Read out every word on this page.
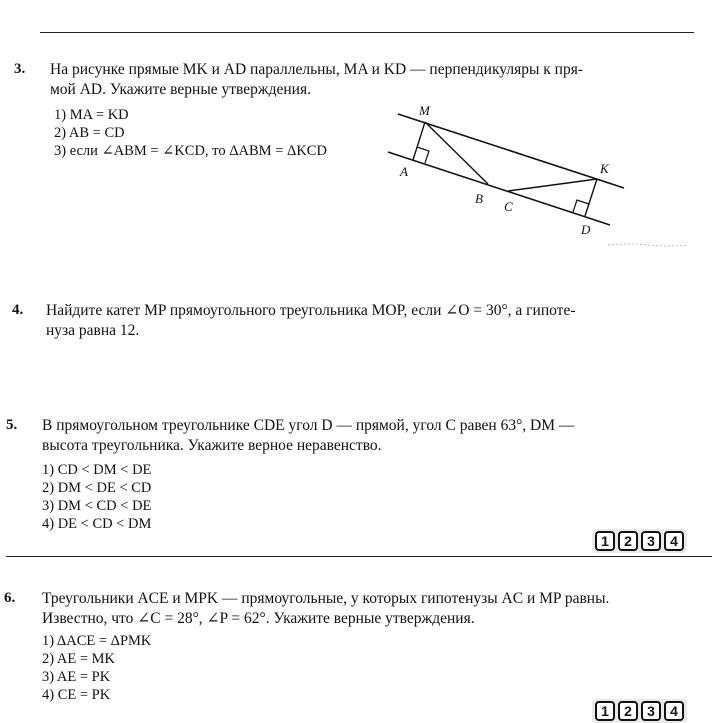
3. На рисунке прямые MK и AD параллельны, MA и KD — перпендикуляры к пря-
мой AD. Укажите верные утверждения.
1) MA = KD
2) AB = CD
3) если ∠ABM = ∠KCD, то ΔABM = ΔKCD
M
K
A
B
C
D
4. Найдите катет MP прямоугольного треугольника MOP, если ∠O = 30°, а гипоте-
нуза равна 12.
5. В прямоугольном треугольнике CDE угол D — прямой, угол C равен 63°, DM —
высота треугольника. Укажите верное неравенство.
1) CD < DM < DE
2) DM < DE < CD
3) DM < CD < DE
4) DE < CD < DM
1	2	3	4
6. Треугольники ACE и MPK — прямоугольные, у которых гипотенузы AC и MP равны.
Известно, что ∠C = 28°, ∠P = 62°. Укажите верные утверждения.
1) ΔACE = ΔPMK
2) AE = MK
3) AE = PK
4) CE = PK
1	2	3	4
